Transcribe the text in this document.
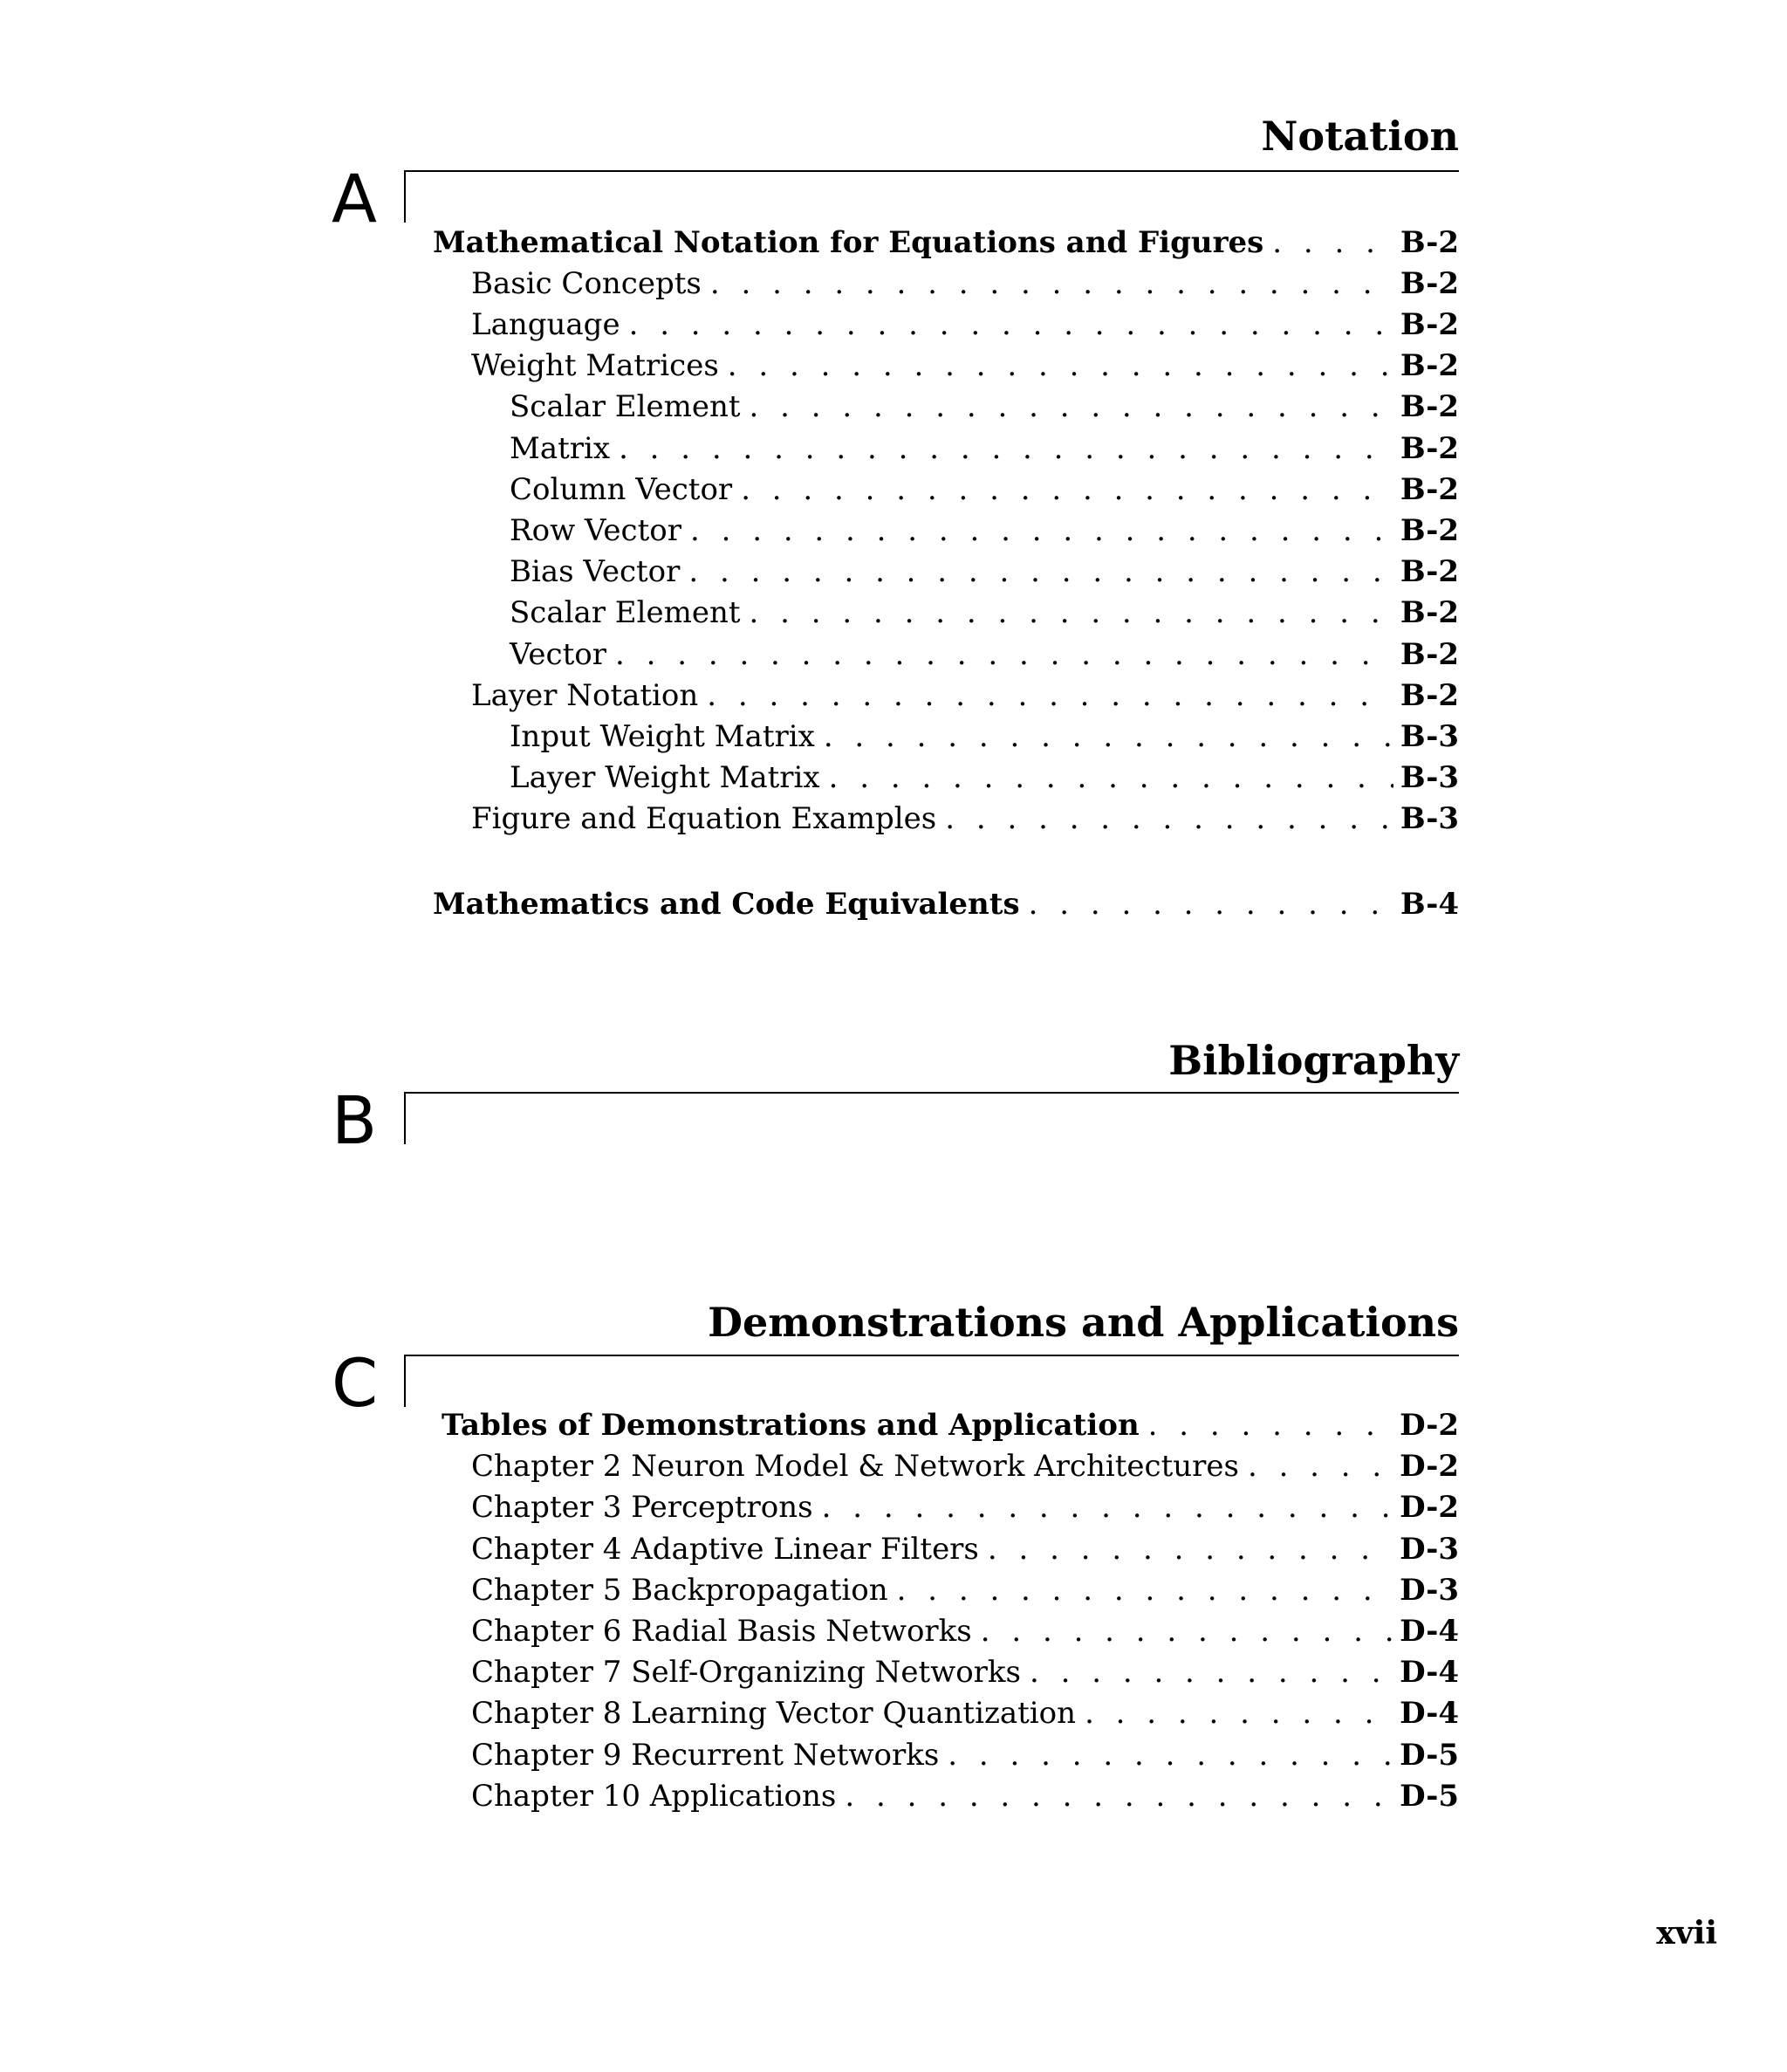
Notation
A
Mathematical Notation for Equations and Figures . . .	B-2
Basic Concepts . . .	B-2
Language . . .	B-2
Weight Matrices . . .	B-2
Scalar Element . . .	B-2
Matrix . . .	B-2
Column Vector . . .	B-2
Row Vector . . .	B-2
Bias Vector . . .	B-2
Scalar Element . . .	B-2
Vector . . .	B-2
Layer Notation . . .	B-2
Input Weight Matrix . . .	B-3
Layer Weight Matrix . . .	B-3
Figure and Equation Examples . . .	B-3
Mathematics and Code Equivalents . . .	B-4
Bibliography
B
Demonstrations and Applications
C
Tables of Demonstrations and Application . . .	D-2
Chapter 2 Neuron Model & Network Architectures . . .	D-2
Chapter 3 Perceptrons . . .	D-2
Chapter 4 Adaptive Linear Filters . . .	D-3
Chapter 5 Backpropagation . . .	D-3
Chapter 6 Radial Basis Networks . . .	D-4
Chapter 7 Self-Organizing Networks . . .	D-4
Chapter 8 Learning Vector Quantization . . .	D-4
Chapter 9 Recurrent Networks . . .	D-5
Chapter 10 Applications . . .	D-5
xvii
